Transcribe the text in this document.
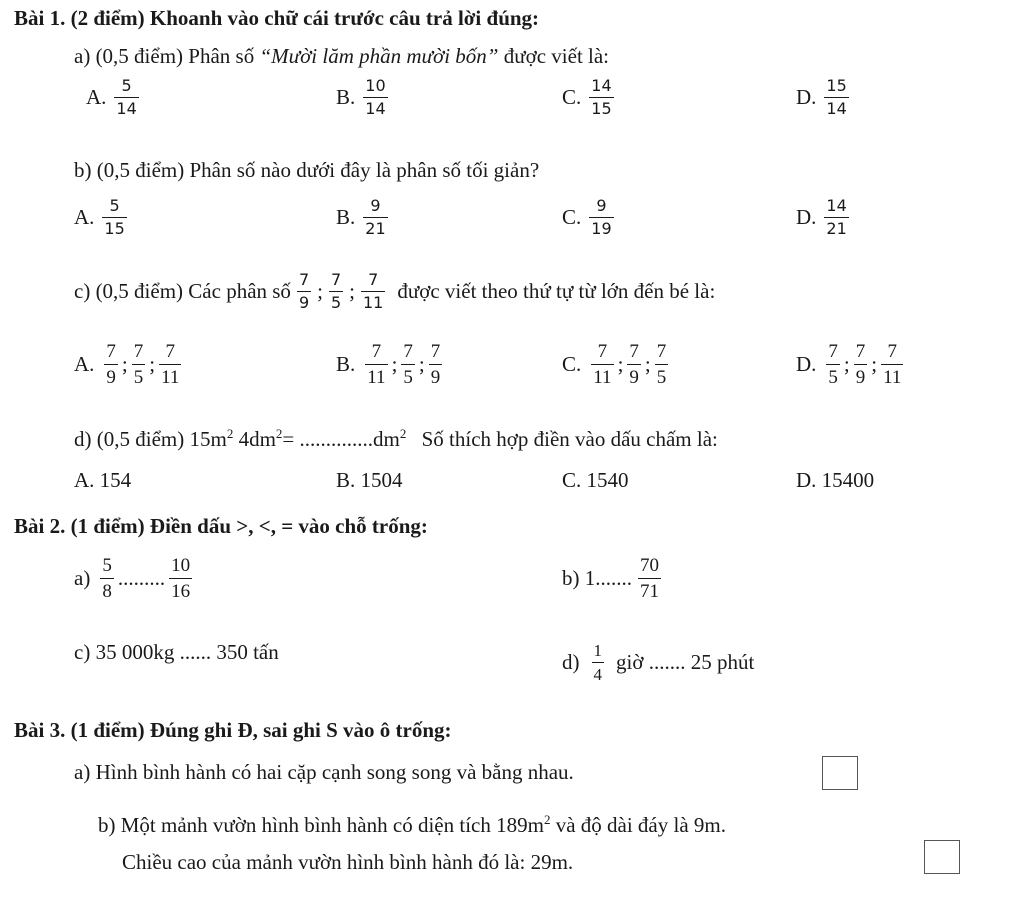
Bài 1. (2 điểm) Khoanh vào chữ cái trước câu trả lời đúng:
a) (0,5 điểm) Phân số “Mười lăm phần mười bốn” được viết là:
A. $\frac{5}{14}$	B. $\frac{10}{14}$	C. $\frac{14}{15}$	D. $\frac{15}{14}$
b) (0,5 điểm) Phân số nào dưới đây là phân số tối giản?
A. $\frac{5}{15}$	B. $\frac{9}{21}$	C. $\frac{9}{19}$	D. $\frac{14}{21}$
c) (0,5 điểm) Các phân số $\frac{7}{9}$ ; $\frac{7}{5}$ ; $\frac{7}{11}$ được viết theo thứ tự từ lớn đến bé là:
A. $\frac{7}{9}$ ; $\frac{7}{5}$ ; $\frac{7}{11}$	B. $\frac{7}{11}$ ; $\frac{7}{5}$ ; $\frac{7}{9}$	C. $\frac{7}{11}$ ; $\frac{7}{9}$ ; $\frac{7}{5}$	D. $\frac{7}{5}$ ; $\frac{7}{9}$ ; $\frac{7}{11}$
d) (0,5 điểm) $15m^2$ $4dm^2= ..............dm^2$ Số thích hợp điền vào dấu chấm là:
A. 154	B. 1504	C. 1540	D. 15400
Bài 2. (1 điểm) Điền dấu >, <, = vào chỗ trống:
$a) \frac{5}{8}$ ......... $\frac{10}{16}$	b) 1....... $\frac{70}{71}$
c) 35 000kg ...... 350 tấn	$d) \frac{1}{4}$ giờ ....... 25 phút
Bài 3. (1 điểm) Đúng ghi Đ, sai ghi S vào ô trống:
a) Hình bình hành có hai cặp cạnh song song và bằng nhau.
b) Một mảnh vườn hình bình hành có diện tích $189m^2$ và độ dài đáy là 9m.
Chiều cao của mảnh vườn hình bình hành đó là: 29m.
